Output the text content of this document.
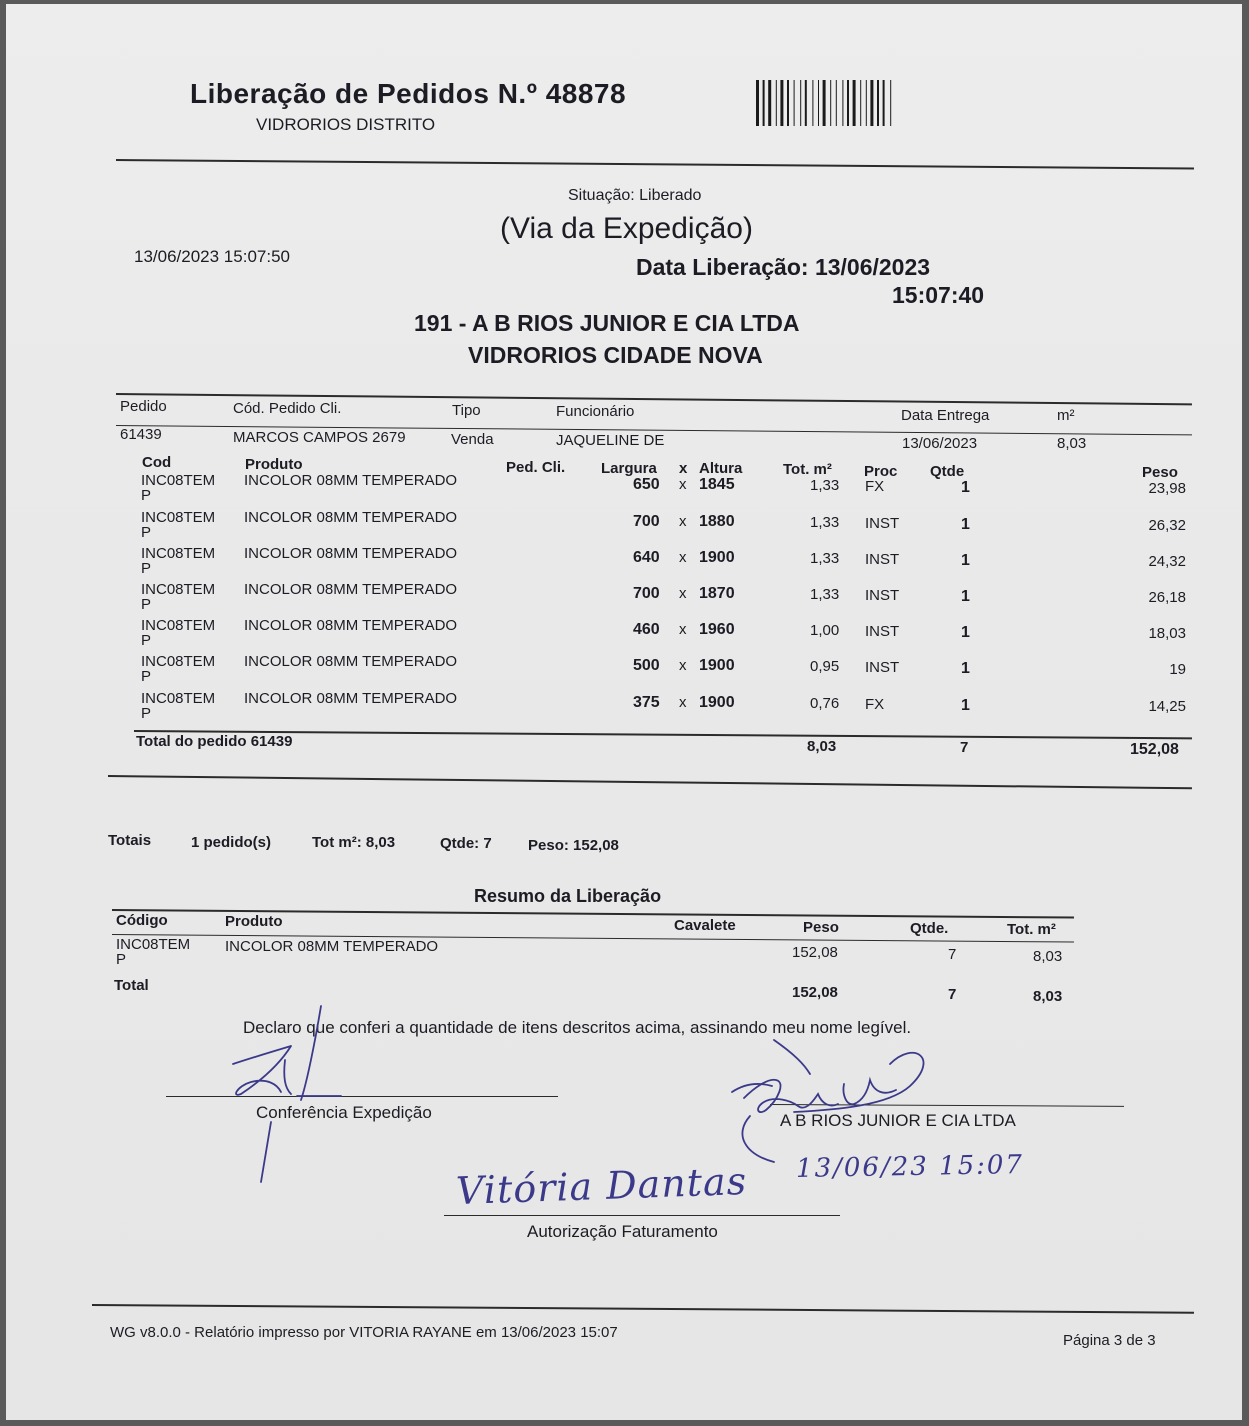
Liberação de Pedidos N.º 48878
VIDRORIOS DISTRITO
Situação: Liberado
(Via da Expedição)
13/06/2023 15:07:50	Data Liberação: 13/06/2023
15:07:40
191 - A B RIOS JUNIOR E CIA LTDA
VIDRORIOS CIDADE NOVA
Pedido	Cód. Pedido Cli.	Tipo	Funcionário	Data Entrega	m²
61439	MARCOS CAMPOS 2679	Venda	JAQUELINE DE	13/06/2023	8,03
Cod	Produto	Ped. Cli. Largura x Altura	Tot. m² Proc Qtde	Peso
INC08TEM
P
INCOLOR 08MM TEMPERADO	650 x 1845	1,33 FX	1	23,98
INC08TEM
P
INCOLOR 08MM TEMPERADO	700 x 1880	1,33 INST	1	26,32
INC08TEM
P
INCOLOR 08MM TEMPERADO	640 x 1900	1,33 INST	1	24,32
INC08TEM
P
INCOLOR 08MM TEMPERADO	700 x 1870	1,33 INST	1	26,18
INC08TEM
P
INCOLOR 08MM TEMPERADO	460 x 1960	1,00 INST	1	18,03
INC08TEM
P
INCOLOR 08MM TEMPERADO	500 x 1900	0,95 INST	1	19
INC08TEM
P
INCOLOR 08MM TEMPERADO	375 x 1900	0,76 FX	1	14,25
Total do pedido 61439	8,03	7	152,08
Totais	1 pedido(s)	Tot m²: 8,03	Qtde: 7 Peso: 152,08
Resumo da Liberação
Código	Produto	Cavalete	Peso	Qtde.	Tot. m²
INC08TEM
P
INCOLOR 08MM TEMPERADO	152,08	7	8,03
Total	152,08	7	8,03
Declaro que conferi a quantidade de itens descritos acima, assinando meu nome legível.
Conferência Expedição	A B RIOS JUNIOR E CIA LTDA
Autorização Faturamento
13/06/23 15:07
Vitória Dantas
WG v8.0.0 - Relatório impresso por VITORIA RAYANE em 13/06/2023 15:07	Página 3 de 3
